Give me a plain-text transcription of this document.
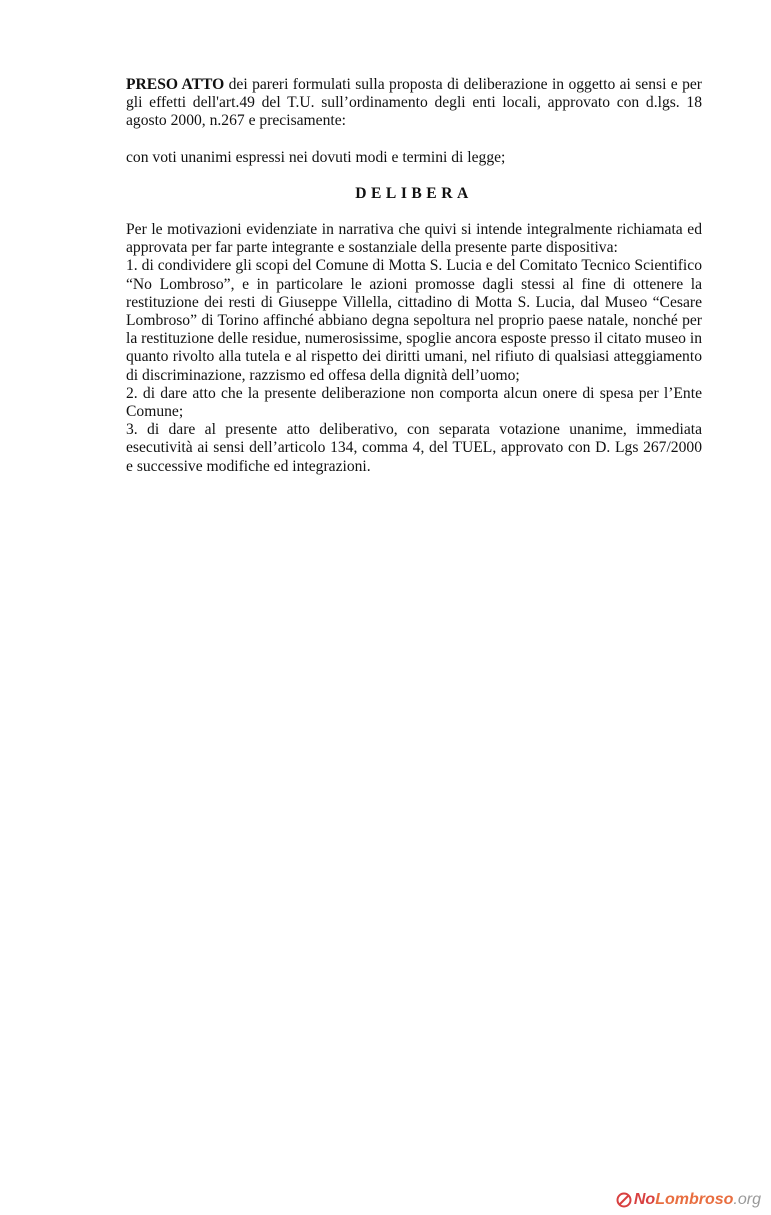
PRESO ATTO dei pareri formulati sulla proposta di deliberazione in oggetto ai sensi e per gli effetti dell'art.49 del T.U. sull’ordinamento degli enti locali, approvato con d.lgs. 18 agosto 2000, n.267 e precisamente:

con voti unanimi espressi nei dovuti modi e termini di legge;

DELIBERA

Per le motivazioni evidenziate in narrativa che quivi si intende integralmente richiamata ed approvata per far parte integrante e sostanziale della presente parte dispositiva:

1. di condividere gli scopi del Comune di Motta S. Lucia e del Comitato Tecnico Scientifico “No Lombroso”, e in particolare le azioni promosse dagli stessi al fine di ottenere la restituzione dei resti di Giuseppe Villella, cittadino di Motta S. Lucia, dal Museo “Cesare Lombroso” di Torino affinché abbiano degna sepoltura nel proprio paese natale, nonché per la restituzione delle residue, numerosissime, spoglie ancora esposte presso il citato museo in quanto rivolto alla tutela e al rispetto dei diritti umani, nel rifiuto di qualsiasi atteggiamento di discriminazione, razzismo ed offesa della dignità dell’uomo;

2. di dare atto che la presente deliberazione non comporta alcun onere di spesa per l’Ente Comune;

3. di dare al presente atto deliberativo, con separata votazione unanime, immediata esecutività ai sensi dell’articolo 134, comma 4, del TUEL, approvato con D. Lgs 267/2000 e successive modifiche ed integrazioni.

No Lombroso .org
